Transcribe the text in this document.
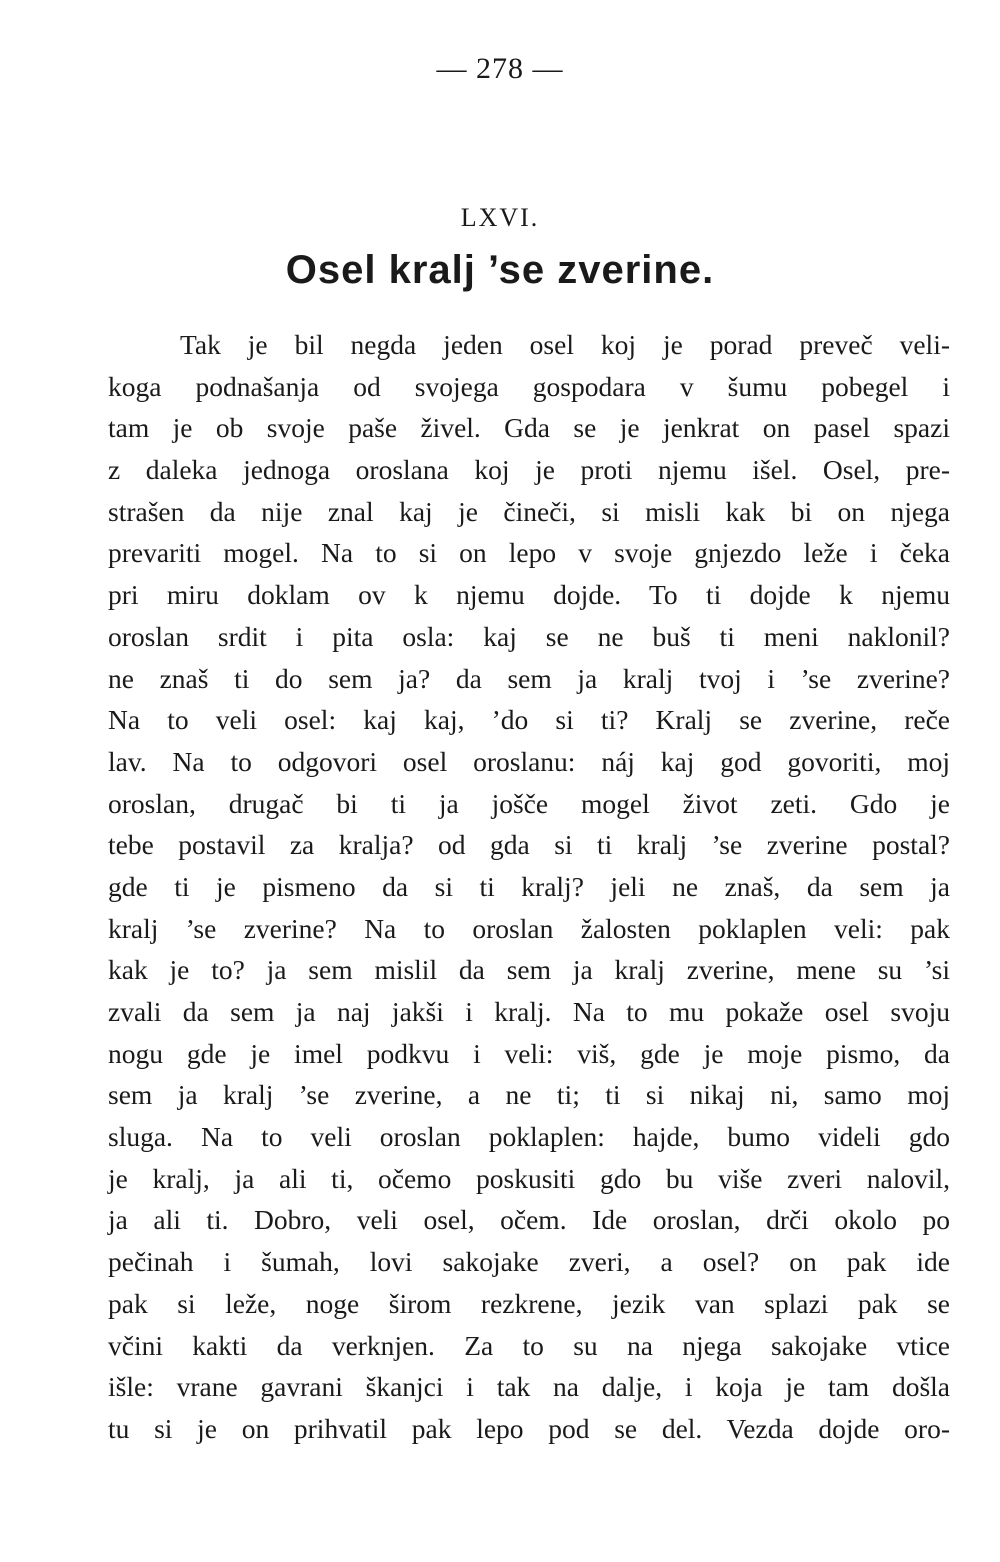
— 278 —
LXVI.
Osel kralj ’se zverine.
Tak je bil negda jeden osel koj je porad preveč veli-
koga podnašanja od svojega gospodara v šumu pobegel i
tam je ob svoje paše živel. Gda se je jenkrat on pasel spazi
z daleka jednoga oroslana koj je proti njemu išel. Osel, pre-
strašen da nije znal kaj je čineči, si misli kak bi on njega
prevariti mogel. Na to si on lepo v svoje gnjezdo leže i čeka
pri miru doklam ov k njemu dojde. To ti dojde k njemu
oroslan srdit i pita osla: kaj se ne buš ti meni naklonil?
ne znaš ti do sem ja? da sem ja kralj tvoj i ’se zverine?
Na to veli osel: kaj kaj, ’do si ti? Kralj se zverine, reče
lav. Na to odgovori osel oroslanu: náj kaj god govoriti, moj
oroslan, drugač bi ti ja jošče mogel život zeti. Gdo je
tebe postavil za kralja? od gda si ti kralj ’se zverine postal?
gde ti je pismeno da si ti kralj? jeli ne znaš, da sem ja
kralj ’se zverine? Na to oroslan žalosten poklaplen veli: pak
kak je to? ja sem mislil da sem ja kralj zverine, mene su ’si
zvali da sem ja naj jakši i kralj. Na to mu pokaže osel svoju
nogu gde je imel podkvu i veli: viš, gde je moje pismo, da
sem ja kralj ’se zverine, a ne ti; ti si nikaj ni, samo moj
sluga. Na to veli oroslan poklaplen: hajde, bumo videli gdo
je kralj, ja ali ti, očemo poskusiti gdo bu više zveri nalovil,
ja ali ti. Dobro, veli osel, očem. Ide oroslan, drči okolo po
pečinah i šumah, lovi sakojake zveri, a osel? on pak ide
pak si leže, noge širom rezkrene, jezik van splazi pak se
včini kakti da verknjen. Za to su na njega sakojake vtice
išle: vrane gavrani škanjci i tak na dalje, i koja je tam došla
tu si je on prihvatil pak lepo pod se del. Vezda dojde oro-
